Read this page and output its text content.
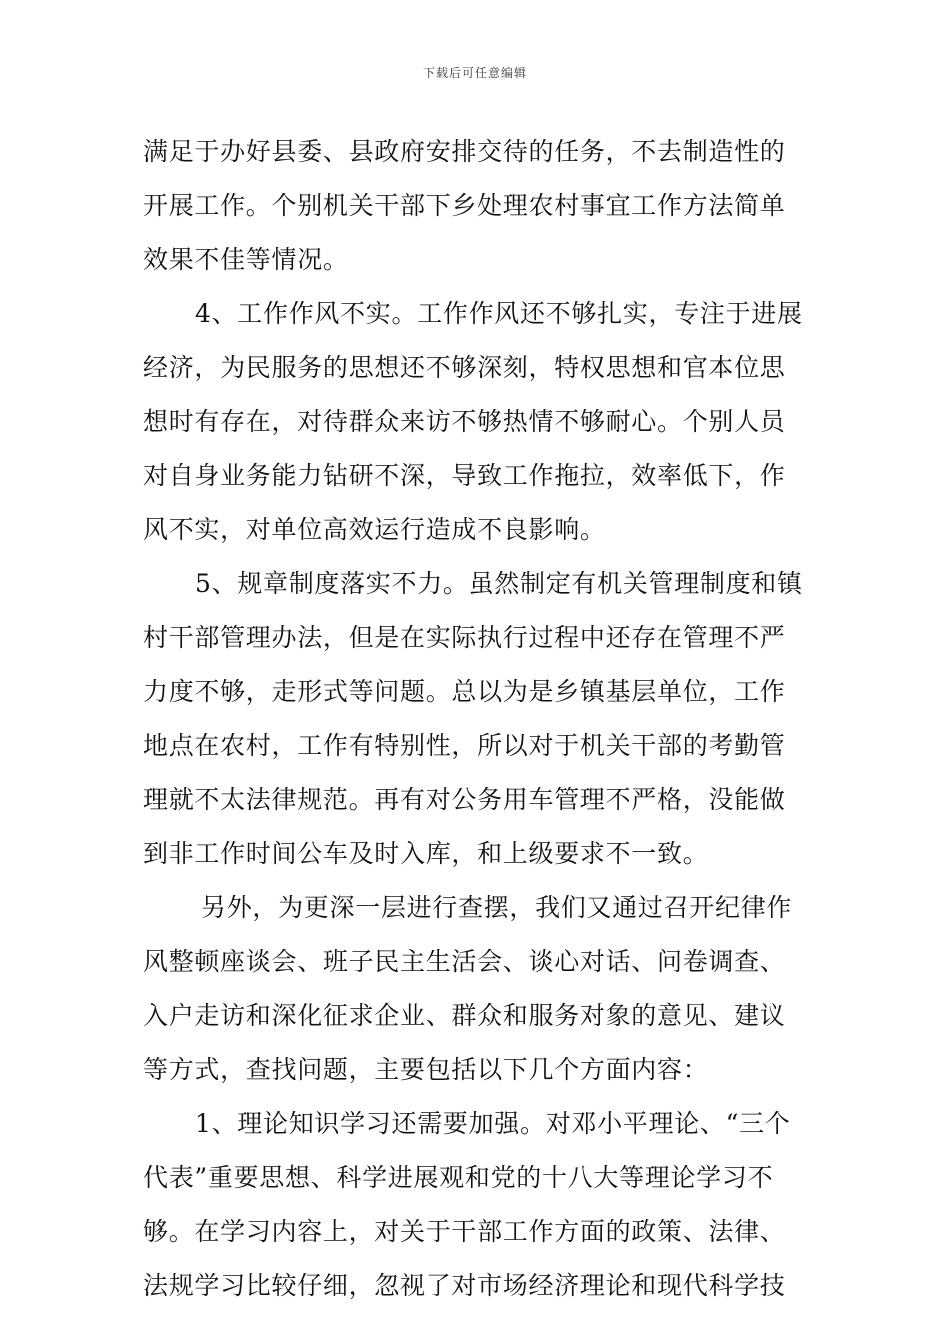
下载后可任意编辑
满足于办好县委、县政府安排交待的任务，不去制造性的
开展工作。个别机关干部下乡处理农村事宜工作方法简单
效果不佳等情况。
4、工作作风不实。工作作风还不够扎实，专注于进展
经济，为民服务的思想还不够深刻，特权思想和官本位思
想时有存在，对待群众来访不够热情不够耐心。个别人员
对自身业务能力钻研不深，导致工作拖拉，效率低下，作
风不实，对单位高效运行造成不良影响。
5、规章制度落实不力。虽然制定有机关管理制度和镇
村干部管理办法，但是在实际执行过程中还存在管理不严
力度不够，走形式等问题。总以为是乡镇基层单位，工作
地点在农村，工作有特别性，所以对于机关干部的考勤管
理就不太法律规范。再有对公务用车管理不严格，没能做
到非工作时间公车及时入库，和上级要求不一致。
另外，为更深一层进行查摆，我们又通过召开纪律作
风整顿座谈会、班子民主生活会、谈心对话、问卷调查、
入户走访和深化征求企业、群众和服务对象的意见、建议
等方式，查找问题，主要包括以下几个方面内容：
1、理论知识学习还需要加强。对邓小平理论、“三个
代表”重要思想、科学进展观和党的十八大等理论学习不
够。在学习内容上，对关于干部工作方面的政策、法律、
法规学习比较仔细，忽视了对市场经济理论和现代科学技
